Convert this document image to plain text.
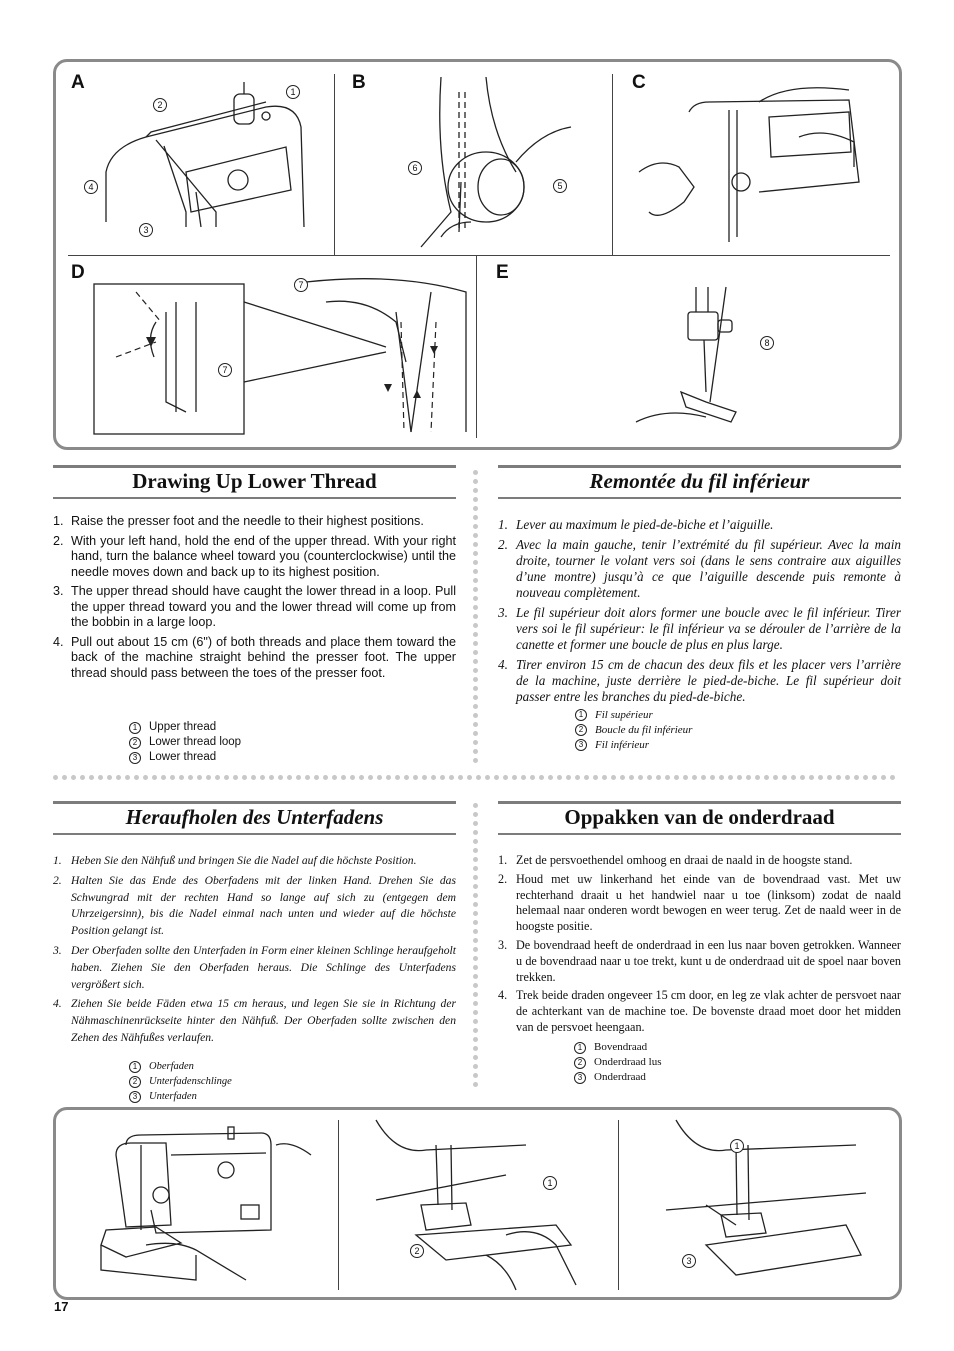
A	B	C
D	E
1
2
4
3
6
5
7
7
8
Drawing Up Lower Thread
1. Raise the presser foot and the needle to their highest positions.
2. With your left hand, hold the end of the upper thread. With your right hand, turn the balance wheel toward you (counterclockwise) until the needle moves down and back up to its highest position.
3. The upper thread should have caught the lower thread in a loop. Pull the upper thread toward you and the lower thread will come up from the bobbin in a large loop.
4. Pull out about 15 cm (6") of both threads and place them toward the back of the machine straight behind the presser foot. The upper thread should pass between the toes of the presser foot.
1	Upper thread
2	Lower thread loop
3	Lower thread
Remontée du fil inférieur
1. Lever au maximum le pied-de-biche et l’aiguille.
2. Avec la main gauche, tenir l’extrémité du fil supérieur. Avec la main droite, tourner le volant vers soi (dans le sens contraire aux aiguilles d’une montre) jusqu’à ce que l’aiguille descende puis remonte à nouveau complètement.
3. Le fil supérieur doit alors former une boucle avec le fil inférieur. Tirer vers soi le fil supérieur: le fil inférieur va se dérouler de l’arrière de la canette et former une boucle de plus en plus large.
4. Tirer environ 15 cm de chacun des deux fils et les placer vers l’arrière de la machine, juste derrière le pied-de-biche. Le fil supérieur doit passer entre les branches du pied-de-biche.
1	Fil supérieur
2	Boucle du fil inférieur
3	Fil inférieur
Heraufholen des Unterfadens
1. Heben Sie den Nähfuß und bringen Sie die Nadel auf die höchste Position.
2. Halten Sie das Ende des Oberfadens mit der linken Hand. Drehen Sie das Schwungrad mit der rechten Hand so lange auf sich zu (entgegen dem Uhrzeigersinn), bis die Nadel einmal nach unten und wieder auf die höchste Position gelangt ist.
3. Der Oberfaden sollte den Unterfaden in Form einer kleinen Schlinge heraufgeholt haben. Ziehen Sie den Oberfaden heraus. Die Schlinge des Unterfadens vergrößert sich.
4. Ziehen Sie beide Fäden etwa 15 cm heraus, und legen Sie sie in Richtung der Nähmaschinenrückseite hinter den Nähfuß. Der Oberfaden sollte zwischen den Zehen des Nähfußes verlaufen.
1	Oberfaden
2	Unterfadenschlinge
3	Unterfaden
Oppakken van de onderdraad
1. Zet de persvoethendel omhoog en draai de naald in de hoogste stand.
2. Houd met uw linkerhand het einde van de bovendraad vast. Met uw rechterhand draait u het handwiel naar u toe (linksom) zodat de naald helemaal naar onderen wordt bewogen en weer terug. Zet de naald weer in de hoogste positie.
3. De bovendraad heeft de onderdraad in een lus naar boven getrokken. Wanneer u de bovendraad naar u toe trekt, kunt u de onderdraad uit de spoel naar boven trekken.
4. Trek beide draden ongeveer 15 cm door, en leg ze vlak achter de persvoet naar de achterkant van de machine toe. De bovenste draad moet door het midden van de persvoet heengaan.
1	Bovendraad
2	Onderdraad lus
3	Onderdraad
1
2
1
3
17
